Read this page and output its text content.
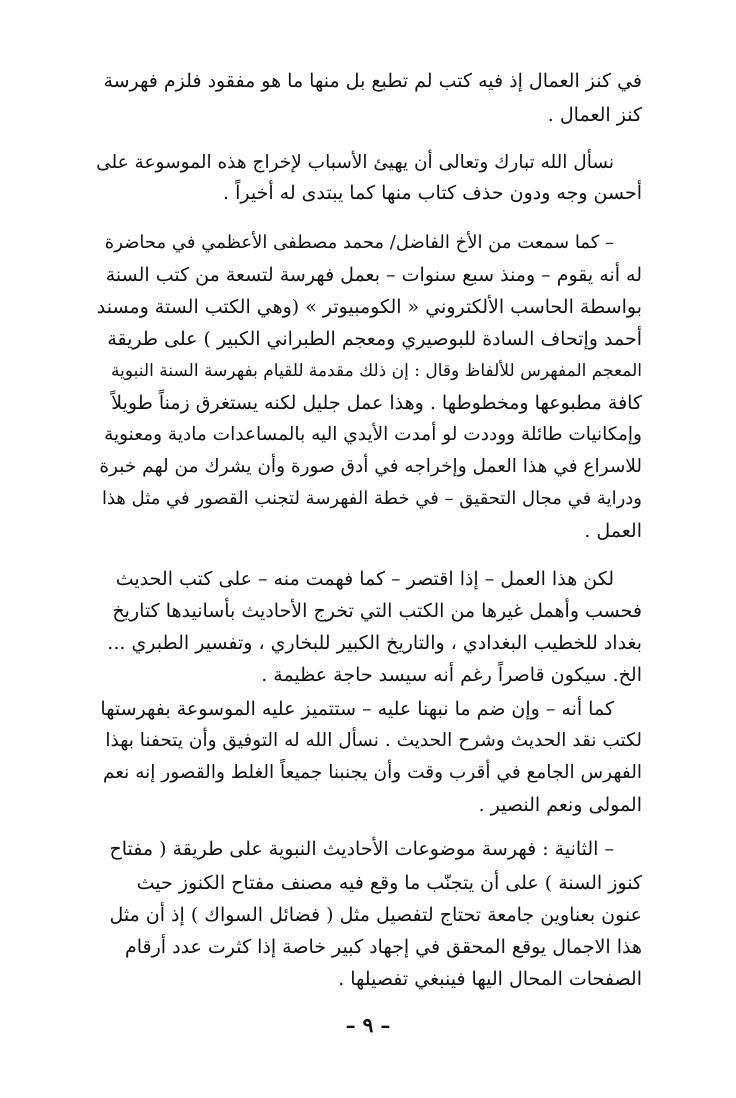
في كنز العمال إذ فيه كتب لم تطبع بل منها ما هو مفقود فلزم فهرسة
كنز العمال .
نسأل الله تبارك وتعالى أن يهيئ الأسباب لإخراج هذه الموسوعة على
أحسن وجه ودون حذف كتاب منها كما يبتدى له أخيراً .
– كما سمعت من الأخ الفاضل/ محمد مصطفى الأعظمي في محاضرة
له أنه يقوم – ومنذ سبع سنوات – بعمل فهرسة لتسعة من كتب السنة
بواسطة الحاسب الألكتروني « الكومبيوتر » (وهي الكتب الستة ومسند
أحمد وإتحاف السادة للبوصيري ومعجم الطبراني الكبير ) على طريقة
المعجم المفهرس للألفاظ وقال : إن ذلك مقدمة للقيام بفهرسة السنة النبوية
كافة مطبوعها ومخطوطها . وهذا عمل جليل لكنه يستغرق زمناً طويلاً
وإمكانيات طائلة ووددت لو أمدت الأيدي اليه بالمساعدات مادية ومعنوية
للاسراع في هذا العمل وإخراجه في أدق صورة وأن يشرك من لهم خبرة
ودراية في مجال التحقيق – في خطة الفهرسة لتجنب القصور في مثل هذا
العمل .
لكن هذا العمل – إذا اقتصر – كما فهمت منه – على كتب الحديث
فحسب وأهمل غيرها من الكتب التي تخرج الأحاديث بأسانيدها كتاريخ
بغداد للخطيب البغدادي ، والتاريخ الكبير للبخاري ، وتفسير الطبري ...
الخ. سيكون قاصراً رغم أنه سيسد حاجة عظيمة .
كما أنه – وإن ضم ما نبهنا عليه – ستتميز عليه الموسوعة بفهرستها
لكتب نقد الحديث وشرح الحديث . نسأل الله له التوفيق وأن يتحفنا بهذا
الفهرس الجامع في أقرب وقت وأن يجنبنا جميعاً الغلط والقصور إنه نعم
المولى ونعم النصير .
– الثانية : فهرسة موضوعات الأحاديث النبوية على طريقة ( مفتاح
كنوز السنة ) على أن يتجنّب ما وقع فيه مصنف مفتاح الكنوز حيث
عنون بعناوين جامعة تحتاج لتفصيل مثل ( فضائل السواك ) إذ أن مثل
هذا الاجمال يوقع المحقق في إجهاد كبير خاصة إذا كثرت عدد أرقام
الصفحات المحال اليها فينبغي تفصيلها .
– ٩ –
